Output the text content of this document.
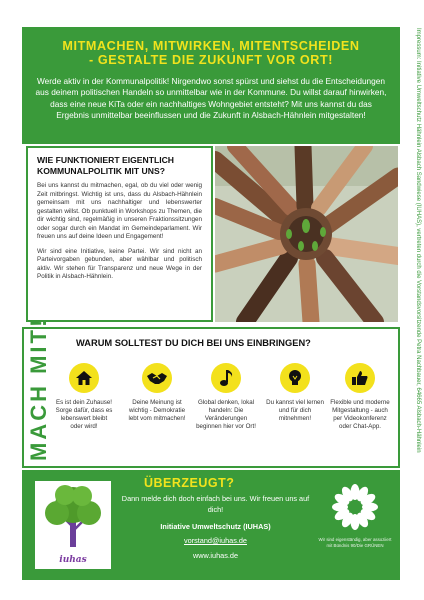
MITMACHEN, MITWIRKEN, MITENTSCHEIDEN
- GESTALTE DIE ZUKUNFT VOR ORT!

Werde aktiv in der Kommunalpolitik! Nirgendwo sonst spürst und siehst du die Entscheidungen aus deinem politischen Handeln so unmittelbar wie in der Kommune. Du willst darauf hinwirken, dass eine neue KiTa oder ein nachhaltiges Wohngebiet entsteht? Mit uns kannst du das Ergebnis unmittelbar beeinflussen und die Zukunft in Alsbach-Hähnlein mitgestalten!	Impressum: Initiative Umweltschutz Hähnlein Alsbach Sandwiese (IUHAS), vertreten durch die Vorstandsvorsitzende Petra Nachbauer, 64665 Alsbach-Hähnlein
WIE FUNKTIONIERT EIGENTLICH KOMMUNALPOLITIK MIT UNS?

Bei uns kannst du mitmachen, egal, ob du viel oder wenig Zeit mitbringst. Wichtig ist uns, dass du Alsbach-Hähnlein gemeinsam mit uns nachhaltiger und lebenswerter gestalten willst. Ob punktuell in Workshops zu Themen, die dir wichtig sind, regelmäßig in unseren Fraktionssitzungen oder sogar durch ein Mandat im Gemeindeparlament. Wir freuen uns auf deine Ideen und Engagement!

Wir sind eine Initiative, keine Partei. Wir sind nicht an Parteivorgaben gebunden, aber wählbar und politisch aktiv. Wir stehen für Transparenz und neue Wege in der Politik in Alsbach-Hähnlein.

MACH MIT!	WARUM SOLLTEST DU DICH BEI UNS EINBRINGEN?
Es ist dein Zuhause! Sorge dafür, dass es lebenswert bleibt oder wird!
Deine Meinung ist wichtig - Demokratie lebt vom mitmachen!
Global denken, lokal handeln: Die Veränderungen beginnen hier vor Ort!
Du kannst viel lernen und für dich mitnehmen!
Flexible und moderne Mitgestaltung - auch per Videokonferenz oder Chat-App.
iuhas
ÜBERZEUGT?
Dann melde dich doch einfach bei uns. Wir freuen uns auf dich!
Initiative Umweltschutz (IUHAS)
vorstand@iuhas.de
www.iuhas.de
Wir sind eigenständig, aber assoziiert mit Bündnis 90/Die GRÜNEN
